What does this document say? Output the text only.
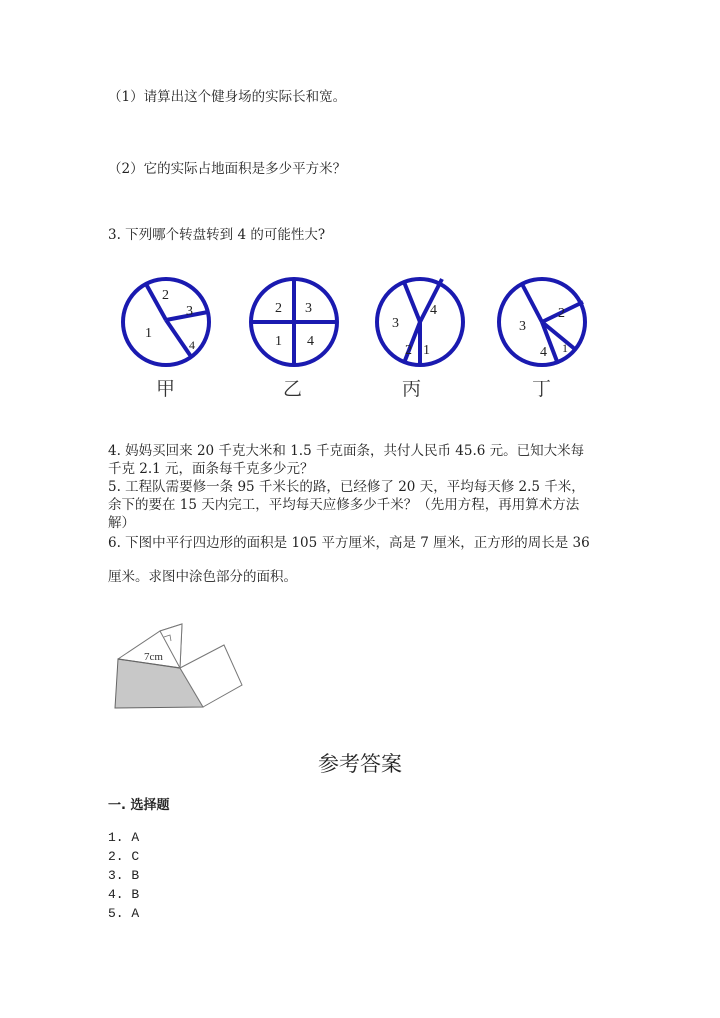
（1）请算出这个健身场的实际长和宽。
（2）它的实际占地面积是多少平方米？
3. 下列哪个转盘转到 4 的可能性大?
2
3
1
4
2 3
1 4
4
3
2 1
2
3
4 1
甲	乙	丙	丁
4. 妈妈买回来 20 千克大米和 1.5 千克面条，共付人民币 45.6 元。已知大米每
千克 2.1 元，面条每千克多少元？
5. 工程队需要修一条 95 千米长的路，已经修了 20 天，平均每天修 2.5 千米，
余下的要在 15 天内完工，平均每天应修多少千米？（先用方程，再用算术方法
解）
6. 下图中平行四边形的面积是 105 平方厘米，高是 7 厘米，正方形的周长是 36
厘米。求图中涂色部分的面积。
7cm
参考答案
一. 选择题
1. A
2. C
3. B
4. B
5. A
